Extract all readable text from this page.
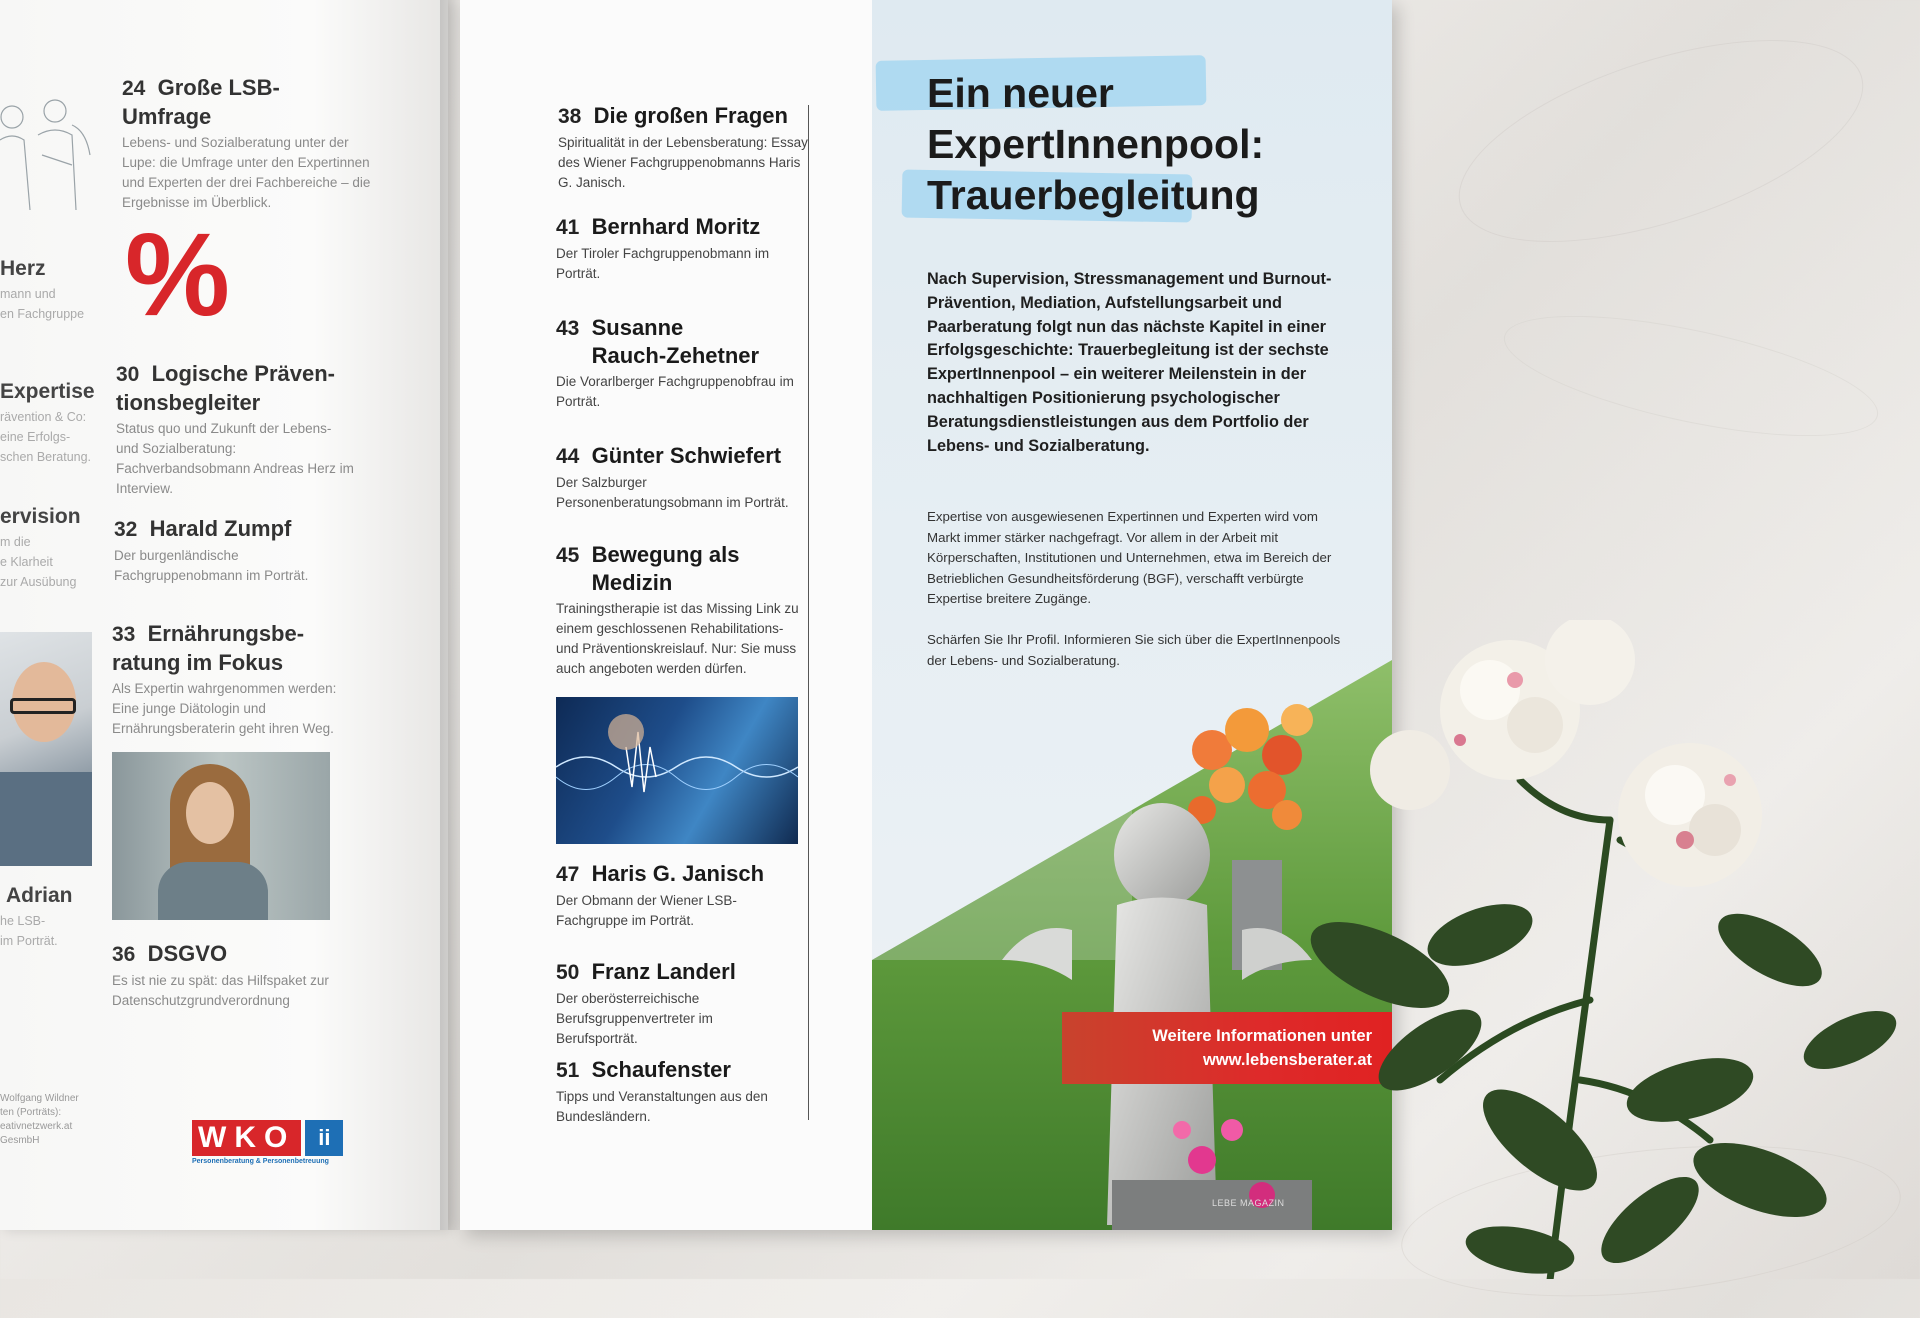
Herz
mann und
en Fachgruppe
Expertise
rävention & Co:
eine Erfolgs-
schen Beratung.
ervision
m die
e Klarheit
zur Ausübung
Adrian
he LSB-
im Porträt.
%
24 Große LSB-
Umfrage
Lebens- und Sozialberatung unter der Lupe: die Umfrage unter den Expertinnen und Experten der drei Fachbereiche – die Ergebnisse im Überblick.
30 Logische Präven-
tionsbegleiter
Status quo und Zukunft der Lebens- und Sozialberatung: Fachverbandsobmann Andreas Herz im Interview.
32 Harald Zumpf
Der burgenländische Fachgruppenobmann im Porträt.
33 Ernährungsbe-
ratung im Fokus
Als Expertin wahrgenommen werden: Eine junge Diätologin und Ernährungsberaterin geht ihren Weg.
36 DSGVO
Es ist nie zu spät: das Hilfspaket zur Datenschutzgrundverordnung
Wolfgang Wildner
ten (Porträts):
eativnetzwerk.at
GesmbH	WKO	ii
Personenberatung & Personenbetreuung
38 Die großen Fragen
Spiritualität in der Lebensberatung: Essay des Wiener Fachgruppenobmanns Haris G. Janisch.
41 Bernhard Moritz
Der Tiroler Fachgruppenobmann im Porträt.
43 Susanne
Rauch-Zehetner
Die Vorarlberger Fachgruppenobfrau im Porträt.
44 Günter Schwiefert
Der Salzburger Personenberatungsobmann im Porträt.
45 Bewegung als
Medizin
Trainingstherapie ist das Missing Link zu einem geschlossenen Rehabilitations- und Präventionskreislauf. Nur: Sie muss auch angeboten werden dürfen.
47 Haris G. Janisch
Der Obmann der Wiener LSB-Fachgruppe im Porträt.
50 Franz Landerl
Der oberösterreichische Berufsgruppenvertreter im Berufsporträt.
51 Schaufenster
Tipps und Veranstaltungen aus den Bundesländern.
Ein neuer
ExpertInnenpool:
Trauerbegleitung
Nach Supervision, Stressmanagement und Burnout-Prävention, Mediation, Aufstellungsarbeit und Paarberatung folgt nun das nächste Kapitel in einer Erfolgsgeschichte: Trauerbegleitung ist der sechste ExpertInnenpool – ein weiterer Meilenstein in der nachhaltigen Positionierung psychologischer Beratungsdienstleistungen aus dem Portfolio der Lebens- und Sozialberatung.
Expertise von ausgewiesenen Expertinnen und Experten wird vom Markt immer stärker nachgefragt. Vor allem in der Arbeit mit Körperschaften, Institutionen und Unternehmen, etwa im Bereich der Betrieblichen Gesundheitsförderung (BGF), verschafft verbürgte Expertise breitere Zugänge.
Schärfen Sie Ihr Profil. Informieren Sie sich über die ExpertInnenpools der Lebens- und Sozialberatung.
Weitere Informationen unter
www.lebensberater.at
LEBE MAGAZIN
